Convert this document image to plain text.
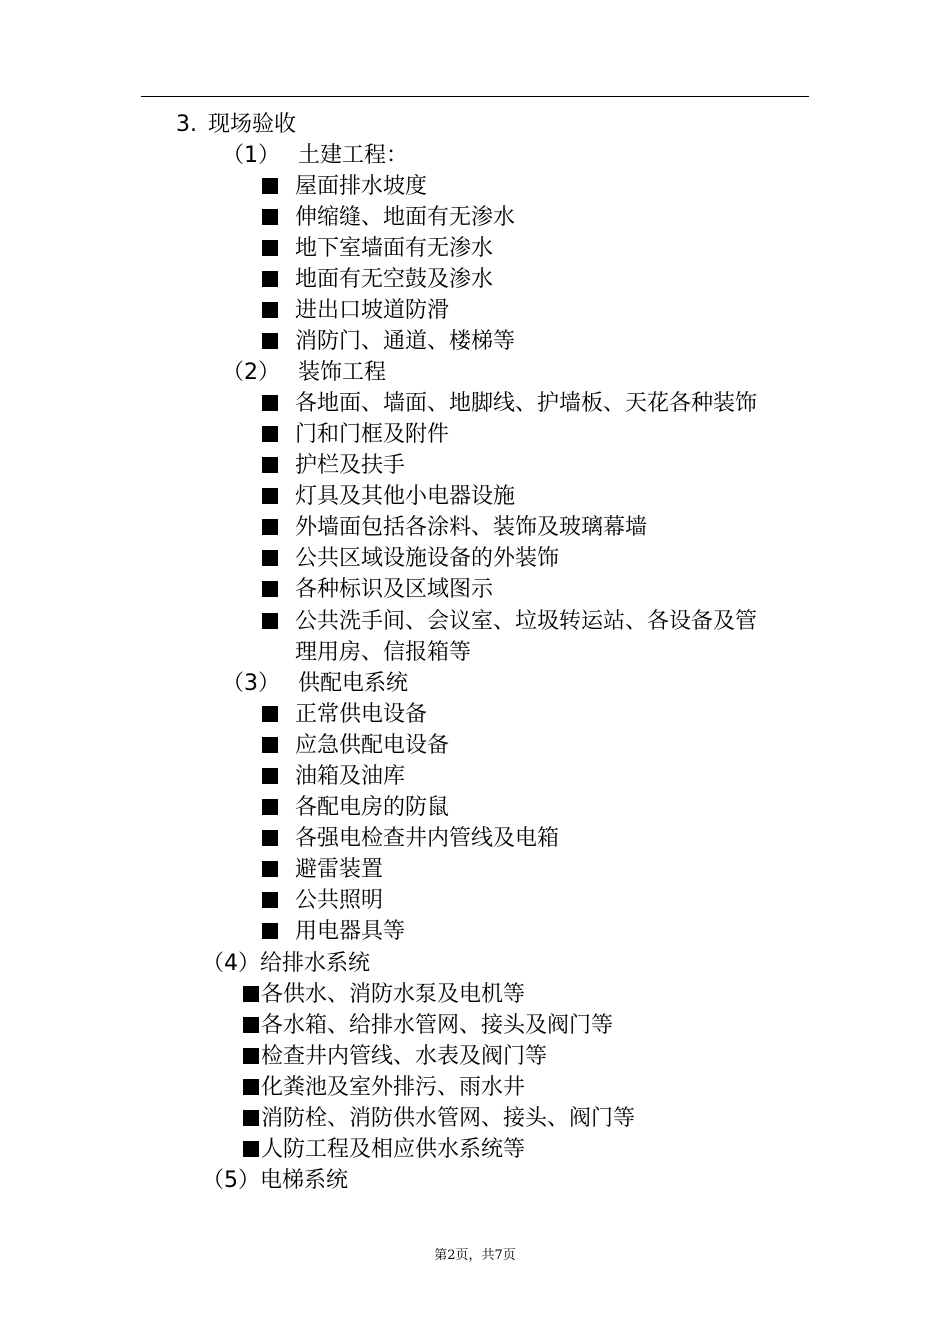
3. 现场验收
（1） 土建工程：
屋面排水坡度
伸缩缝、地面有无渗水
地下室墙面有无渗水
地面有无空鼓及渗水
进出口坡道防滑
消防门、通道、楼梯等
（2） 装饰工程
各地面、墙面、地脚线、护墙板、天花各种装饰
门和门框及附件
护栏及扶手
灯具及其他小电器设施
外墙面包括各涂料、装饰及玻璃幕墙
公共区域设施设备的外装饰
各种标识及区域图示
公共洗手间、会议室、垃圾转运站、各设备及管
理用房、信报箱等
（3） 供配电系统
正常供电设备
应急供配电设备
油箱及油库
各配电房的防鼠
各强电检查井内管线及电箱
避雷装置
公共照明
用电器具等
（4）给排水系统
各供水、消防水泵及电机等
各水箱、给排水管网、接头及阀门等
检查井内管线、水表及阀门等
化粪池及室外排污、雨水井
消防栓、消防供水管网、接头、阀门等
人防工程及相应供水系统等
（5）电梯系统
第2页，共7页
